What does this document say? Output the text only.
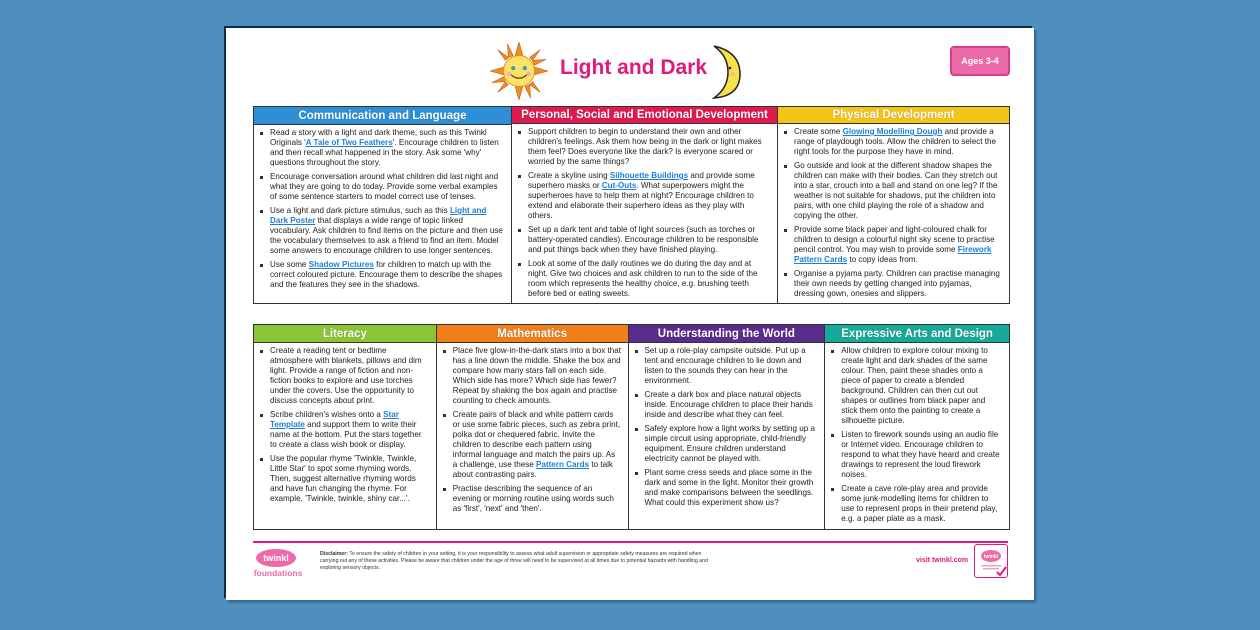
Light and Dark	Ages 3-4
Communication and Language
Read a story with a light and dark theme, such as this Twinkl Originals 'A Tale of Two Feathers'. Encourage children to listen and then recall what happened in the story. Ask some 'why' questions throughout the story.
Encourage conversation around what children did last night and what they are going to do today. Provide some verbal examples of some sentence starters to model correct use of tenses.
Use a light and dark picture stimulus, such as this Light and Dark Poster that displays a wide range of topic linked vocabulary. Ask children to find items on the picture and then use the vocabulary themselves to ask a friend to find an item. Model some answers to encourage children to use longer sentences.
Use some Shadow Pictures for children to match up with the correct coloured picture. Encourage them to describe the shapes and the features they see in the shadows.
Personal, Social and Emotional Development
Support children to begin to understand their own and other children's feelings. Ask them how being in the dark or light makes them feel? Does everyone like the dark? Is everyone scared or worried by the same things?
Create a skyline using Silhouette Buildings and provide some superhero masks or Cut-Outs. What superpowers might the superheroes have to help them at night? Encourage children to extend and elaborate their superhero ideas as they play with others.
Set up a dark tent and table of light sources (such as torches or battery-operated candles). Encourage children to be responsible and put things back when they have finished playing.
Look at some of the daily routines we do during the day and at night. Give two choices and ask children to run to the side of the room which represents the healthy choice, e.g. brushing teeth before bed or eating sweets.
Physical Development
Create some Glowing Modelling Dough and provide a range of playdough tools. Allow the children to select the right tools for the purpose they have in mind.
Go outside and look at the different shadow shapes the children can make with their bodies. Can they stretch out into a star, crouch into a ball and stand on one leg? If the weather is not suitable for shadows, put the children into pairs, with one child playing the role of a shadow and copying the other.
Provide some black paper and light-coloured chalk for children to design a colourful night sky scene to practise pencil control. You may wish to provide some Firework Pattern Cards to copy ideas from.
Organise a pyjama party. Children can practise managing their own needs by getting changed into pyjamas, dressing gown, onesies and slippers.
Literacy
Create a reading tent or bedtime atmosphere with blankets, pillows and dim light. Provide a range of fiction and non-fiction books to explore and use torches under the covers. Use the opportunity to discuss concepts about print.
Scribe children's wishes onto a Star Template and support them to write their name at the bottom. Put the stars together to create a class wish book or display.
Use the popular rhyme 'Twinkle, Twinkle, Little Star' to spot some rhyming words. Then, suggest alternative rhyming words and have fun changing the rhyme. For example, 'Twinkle, twinkle, shiny car...'.
Mathematics
Place five glow-in-the-dark stars into a box that has a line down the middle. Shake the box and compare how many stars fall on each side. Which side has more? Which side has fewer? Repeat by shaking the box again and practise counting to check amounts.
Create pairs of black and white pattern cards or use some fabric pieces, such as zebra print, polka dot or chequered fabric. Invite the children to describe each pattern using informal language and match the pairs up. As a challenge, use these Pattern Cards to talk about contrasting pairs.
Practise describing the sequence of an evening or morning routine using words such as 'first', 'next' and 'then'.
Understanding the World
Set up a role-play campsite outside. Put up a tent and encourage children to lie down and listen to the sounds they can hear in the environment.
Create a dark box and place natural objects inside. Encourage children to place their hands inside and describe what they can feel.
Safely explore how a light works by setting up a simple circuit using appropriate, child-friendly equipment. Ensure children understand electricity cannot be played with.
Plant some cress seeds and place some in the dark and some in the light. Monitor their growth and make comparisons between the seedlings. What could this experiment show us?
Expressive Arts and Design
Allow children to explore colour mixing to create light and dark shades of the same colour. Then, paint these shades onto a piece of paper to create a blended background. Children can then cut out shapes or outlines from black paper and stick them onto the painting to create a silhouette picture.
Listen to firework sounds using an audio file or Internet video. Encourage children to respond to what they have heard and create drawings to represent the loud firework noises.
Create a cave role-play area and provide some junk-modelling items for children to use to represent props in their pretend play, e.g. a paper plate as a mask.
twinkl
foundations
Disclaimer: To ensure the safety of children in your setting, it is your responsibility to assess what adult supervision or appropriate safety measures are required when carrying out any of these activities. Please be aware that children under the age of three will need to be supervised at all times due to potential hazards with handling and exploring sensory objects.
visit twinkl.com	twinkl
